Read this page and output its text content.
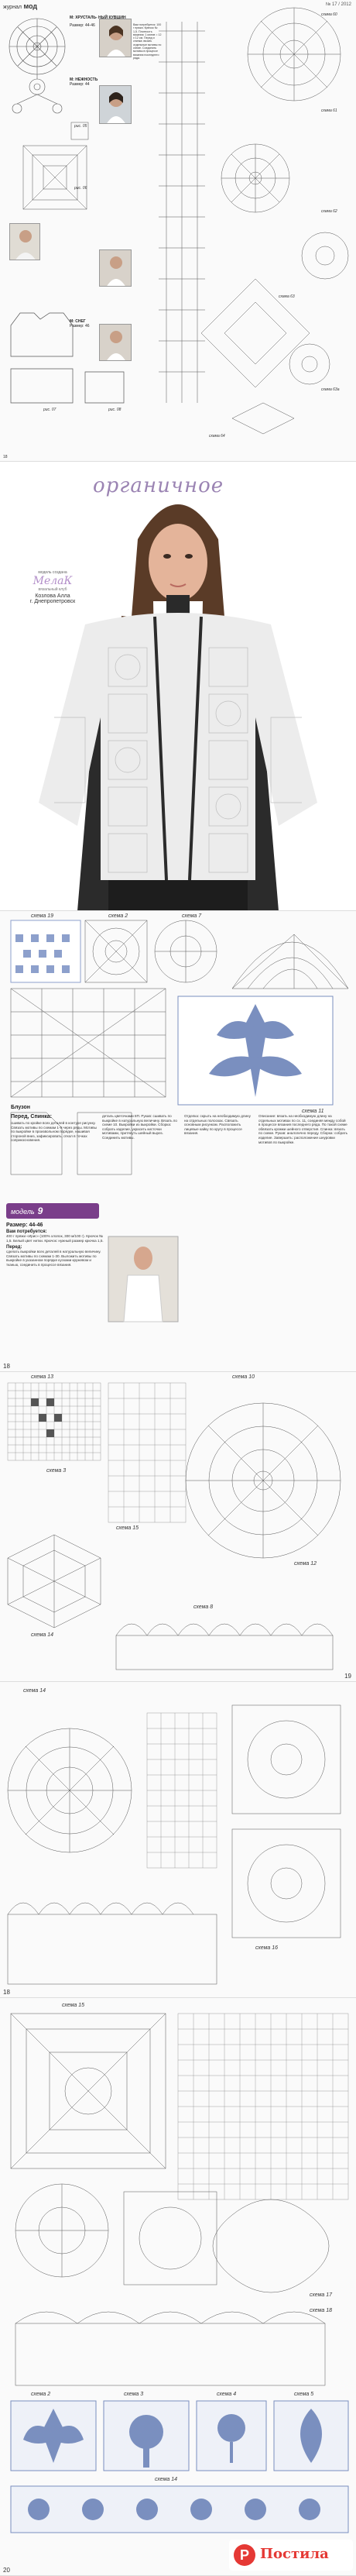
журнал мод	№ 17 / 2012
М: ХРУСТАЛЬ- НЫЙ КУВШИН
Размер: 44-46
М: НЕЖНОСТЬ
Размер: 44
М: СНЕГ
Размер: 46
Вам потребуется: 100 г пряжи. Крючок № 1,5. Плотность вязания: 1 мотив = 12 х 12 см. Перед и спинка: вязать отдельные мотивы по схеме. Соединить мотивы в процессе вязания последнего ряда.
схема 60
схема 61
схема 62
схема 63
схема 63а
схема 64
рис. 05
рис. 06
рис. 07	рис. 08
18
органичное
модель создана
МелаК
вязальный клуб
Козлова Алла
г. Днепропетровск
схема 19	схема 2	схема 7
схема 11
Блузон
Перед, Спинка:
сшивать по кройке всех деталей в контуре рисунку. Связать мотивы по схемам 1-9 через ряды. Мотивы по выкройке в произвольном порядке, нашивая стороной вниз, зафиксировать, откол в точках соприкосновения.
деталь цветочками 8П. Рукав: сшивать по выкройке в натуральную величину. Вязать по схеме 10. Выкройки из выкройки. Сборка: собрать изделие, украсить кисточки мотивами, притянуть шейный вырез. Соединить мотивы.
Отделка: скрыть на необходимую длину на отдельных полосках. Связать основным рисунком. Расположить лицевые кайку по кругу в процессе вязания.
Описание: вязать на необходимую длину на отдельных мотивах по сх. 11, соединяя между собой в процессе вязания последнего ряда. По такой схеме обвязать кромки шейного отверстия. Спинка: вязать по схеме. Рукав: аналогично переду. Сборка: собрать изделие. Завершить: расположение шнуровки мотивов по выкройке.
модель 9
Размер: 44-46
Вам потребуется:
400 г пряжи «Ирис» (100% хлопок, 300 м/100 г). Крючок № 1,5. Белый цвет нитки. Крючок: нужный размер крючка 1,5.
Перед:
сделать выкройки всех деталей в натуральную величину. Связать мотивы по схемам 1-30. Выложить мотивы по выкройке в указанном порядке кусками кружевом и тканью, соединить в процессе вязания.
18
схема 13
схема 15
схема 14
схема 12
схема 10
схема 8
схема 3
19
схема 14
схема 16
18
схема 15
схема 17
схема 18
схема 2	схема 3	схема 4	схема 5
схема 14
20
P Постила
